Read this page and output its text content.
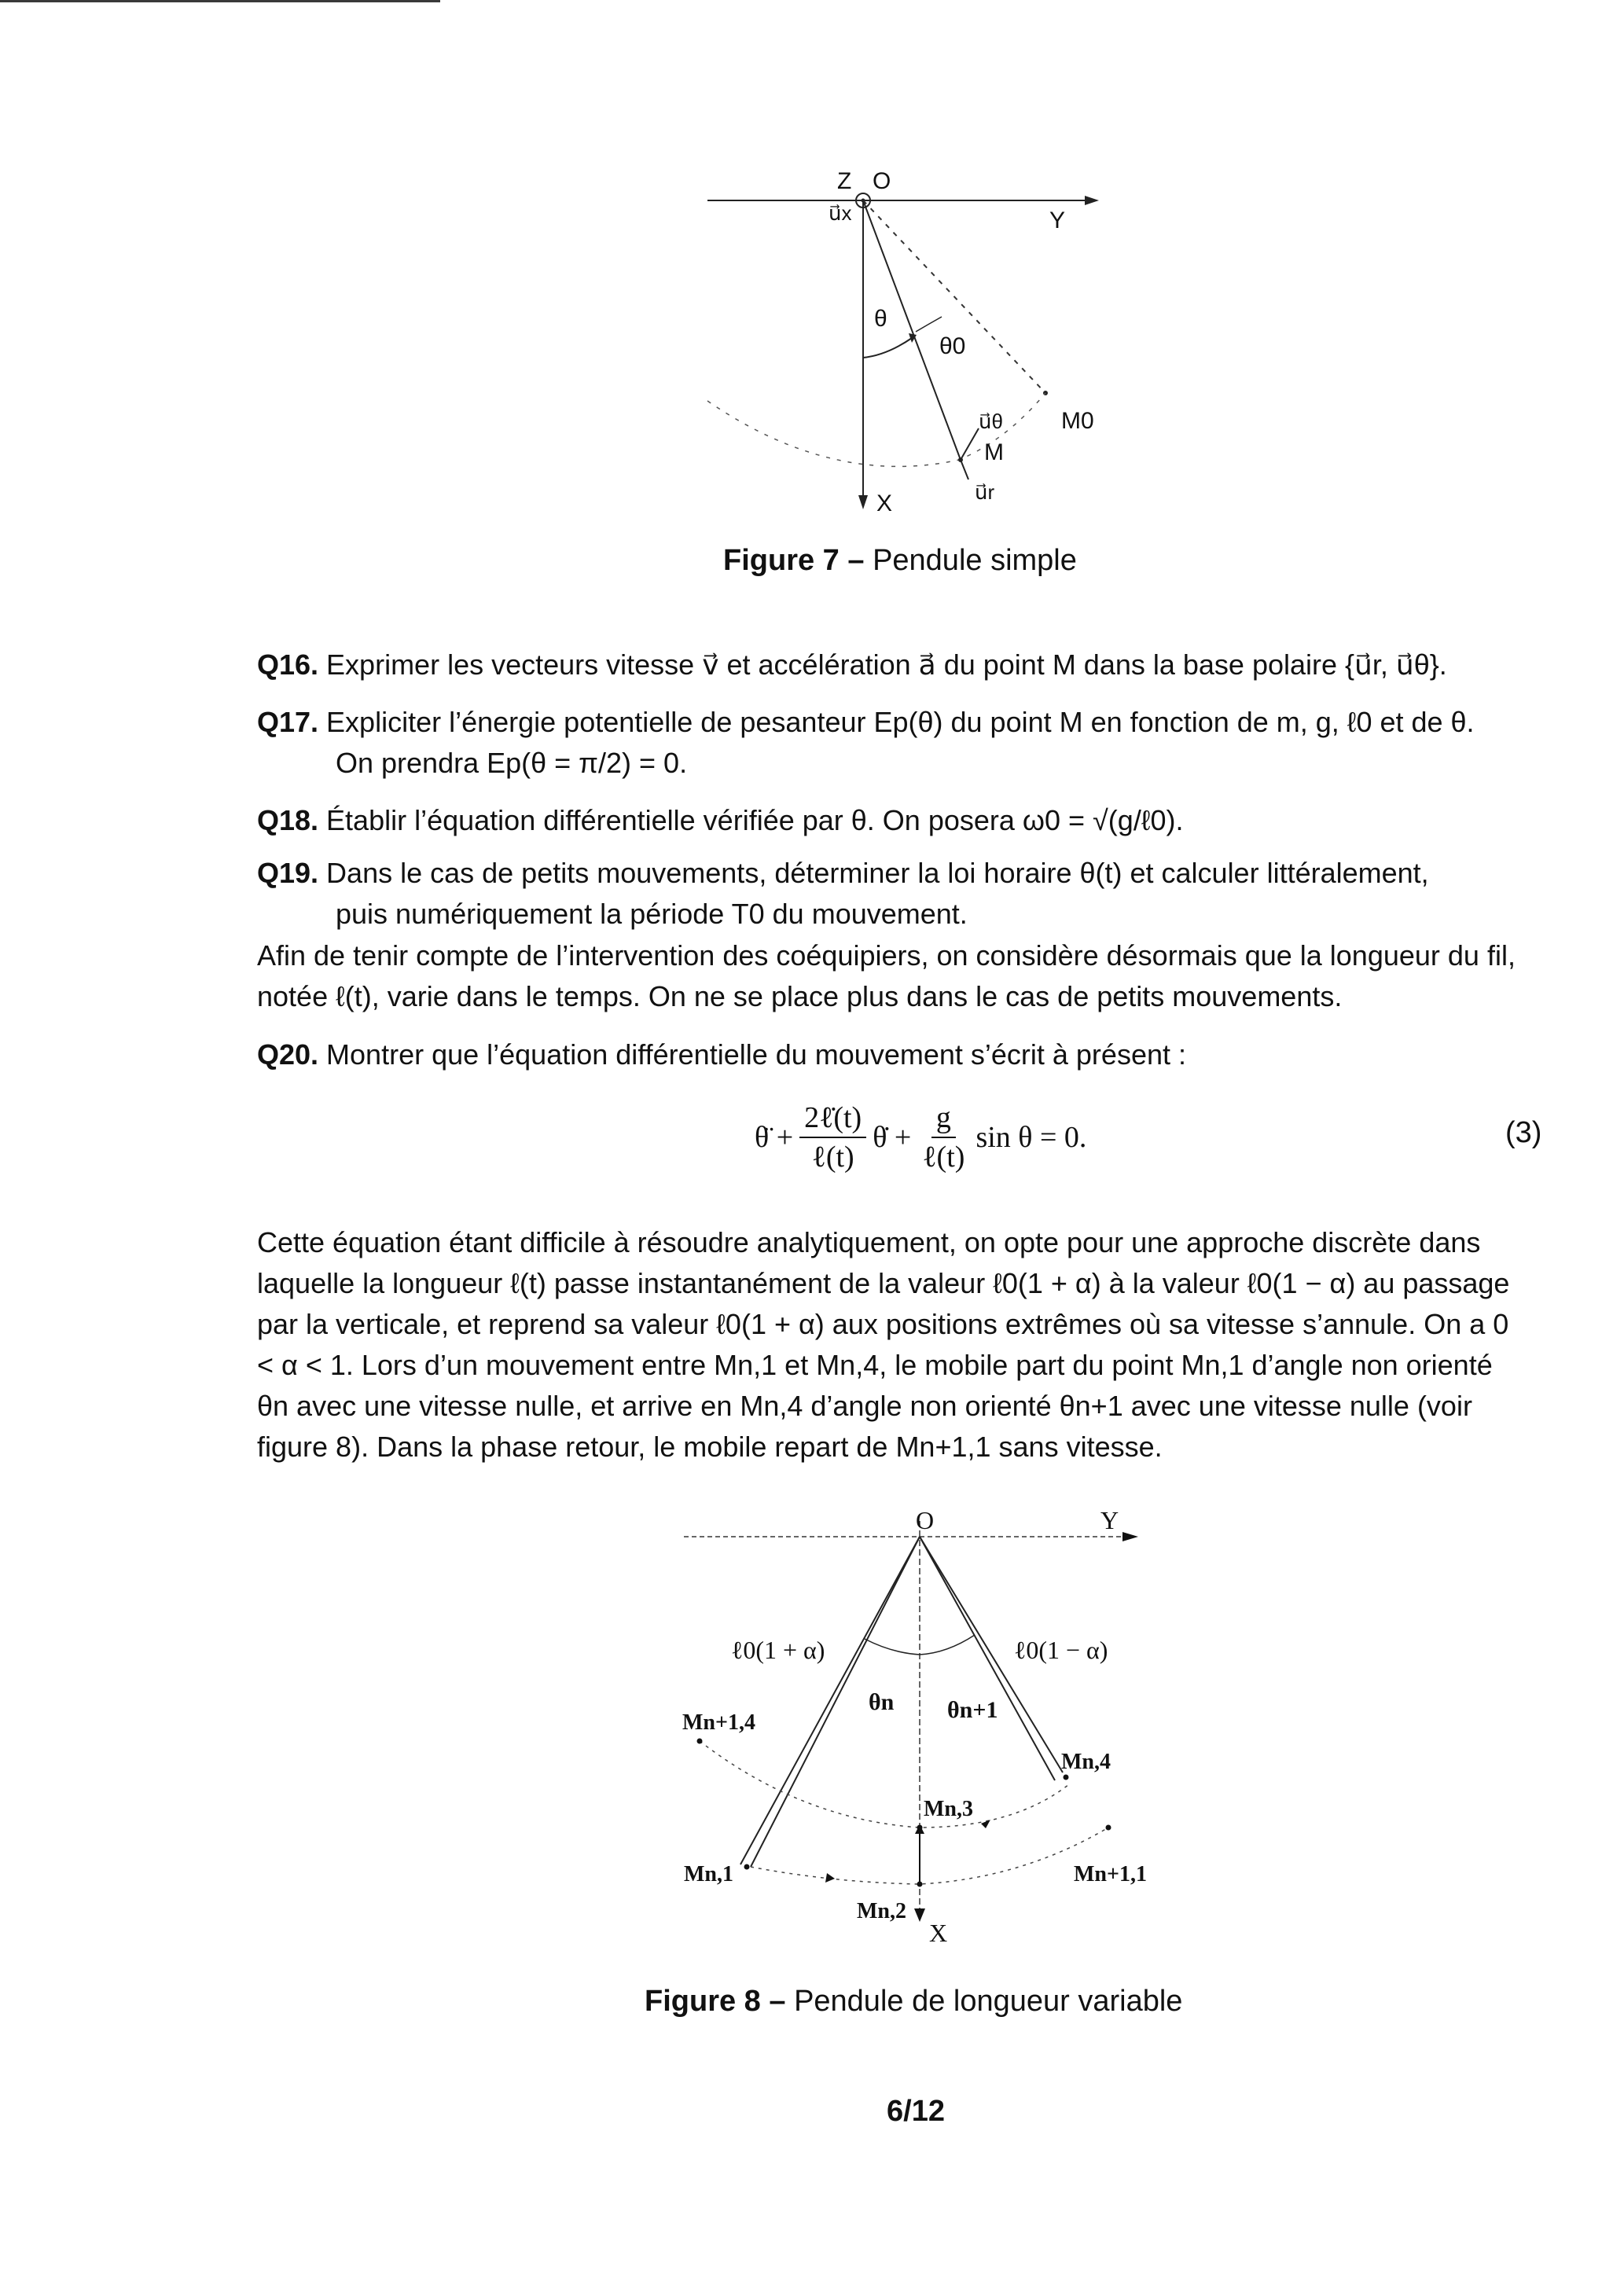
Z O
u⃗x	Y
θ
θ0
u⃗θ M0
M
X	u⃗r
Figure 7 – Pendule simple
Q16. Exprimer les vecteurs vitesse v⃗ et accélération a⃗ du point M dans la base polaire {u⃗r, u⃗θ}.
Q17. Expliciter l’énergie potentielle de pesanteur Ep(θ) du point M en fonction de m, g, ℓ0 et de θ.
On prendra Ep(θ = π/2) = 0.
Q18. Établir l’équation différentielle vérifiée par θ. On posera ω0 = √(g/ℓ0).
Q19. Dans le cas de petits mouvements, déterminer la loi horaire θ(t) et calculer littéralement,
puis numériquement la période T0 du mouvement.
Afin de tenir compte de l’intervention des coéquipiers, on considère désormais que la longueur du fil, notée ℓ(t), varie dans le temps. On ne se place plus dans le cas de petits mouvements.
Q20. Montrer que l’équation différentielle du mouvement s’écrit à présent :
θ̈ + $\frac{\text{2ℓ̇(t)}}{\text{ℓ(t)}}$ θ̇ + $\frac{g}{\text{ℓ(t)}}$ sin θ = 0.	(3)
Cette équation étant difficile à résoudre analytiquement, on opte pour une approche discrète dans laquelle la longueur ℓ(t) passe instantanément de la valeur ℓ0(1 + α) à la valeur ℓ0(1 − α) au passage par la verticale, et reprend sa valeur ℓ0(1 + α) aux positions extrêmes où sa vitesse s’annule. On a 0 < α < 1. Lors d’un mouvement entre Mn,1 et Mn,4, le mobile part du point Mn,1 d’angle non orienté θn avec une vitesse nulle, et arrive en Mn,4 d’angle non orienté θn+1 avec une vitesse nulle (voir figure 8). Dans la phase retour, le mobile repart de Mn+1,1 sans vitesse.
O	Y
ℓ0(1 + α)	ℓ0(1 − α)
θn θn+1
Mn+1,4
Mn,4
Mn,3
Mn,1	Mn+1,1
Mn,2
X
Figure 8 – Pendule de longueur variable
6/12
